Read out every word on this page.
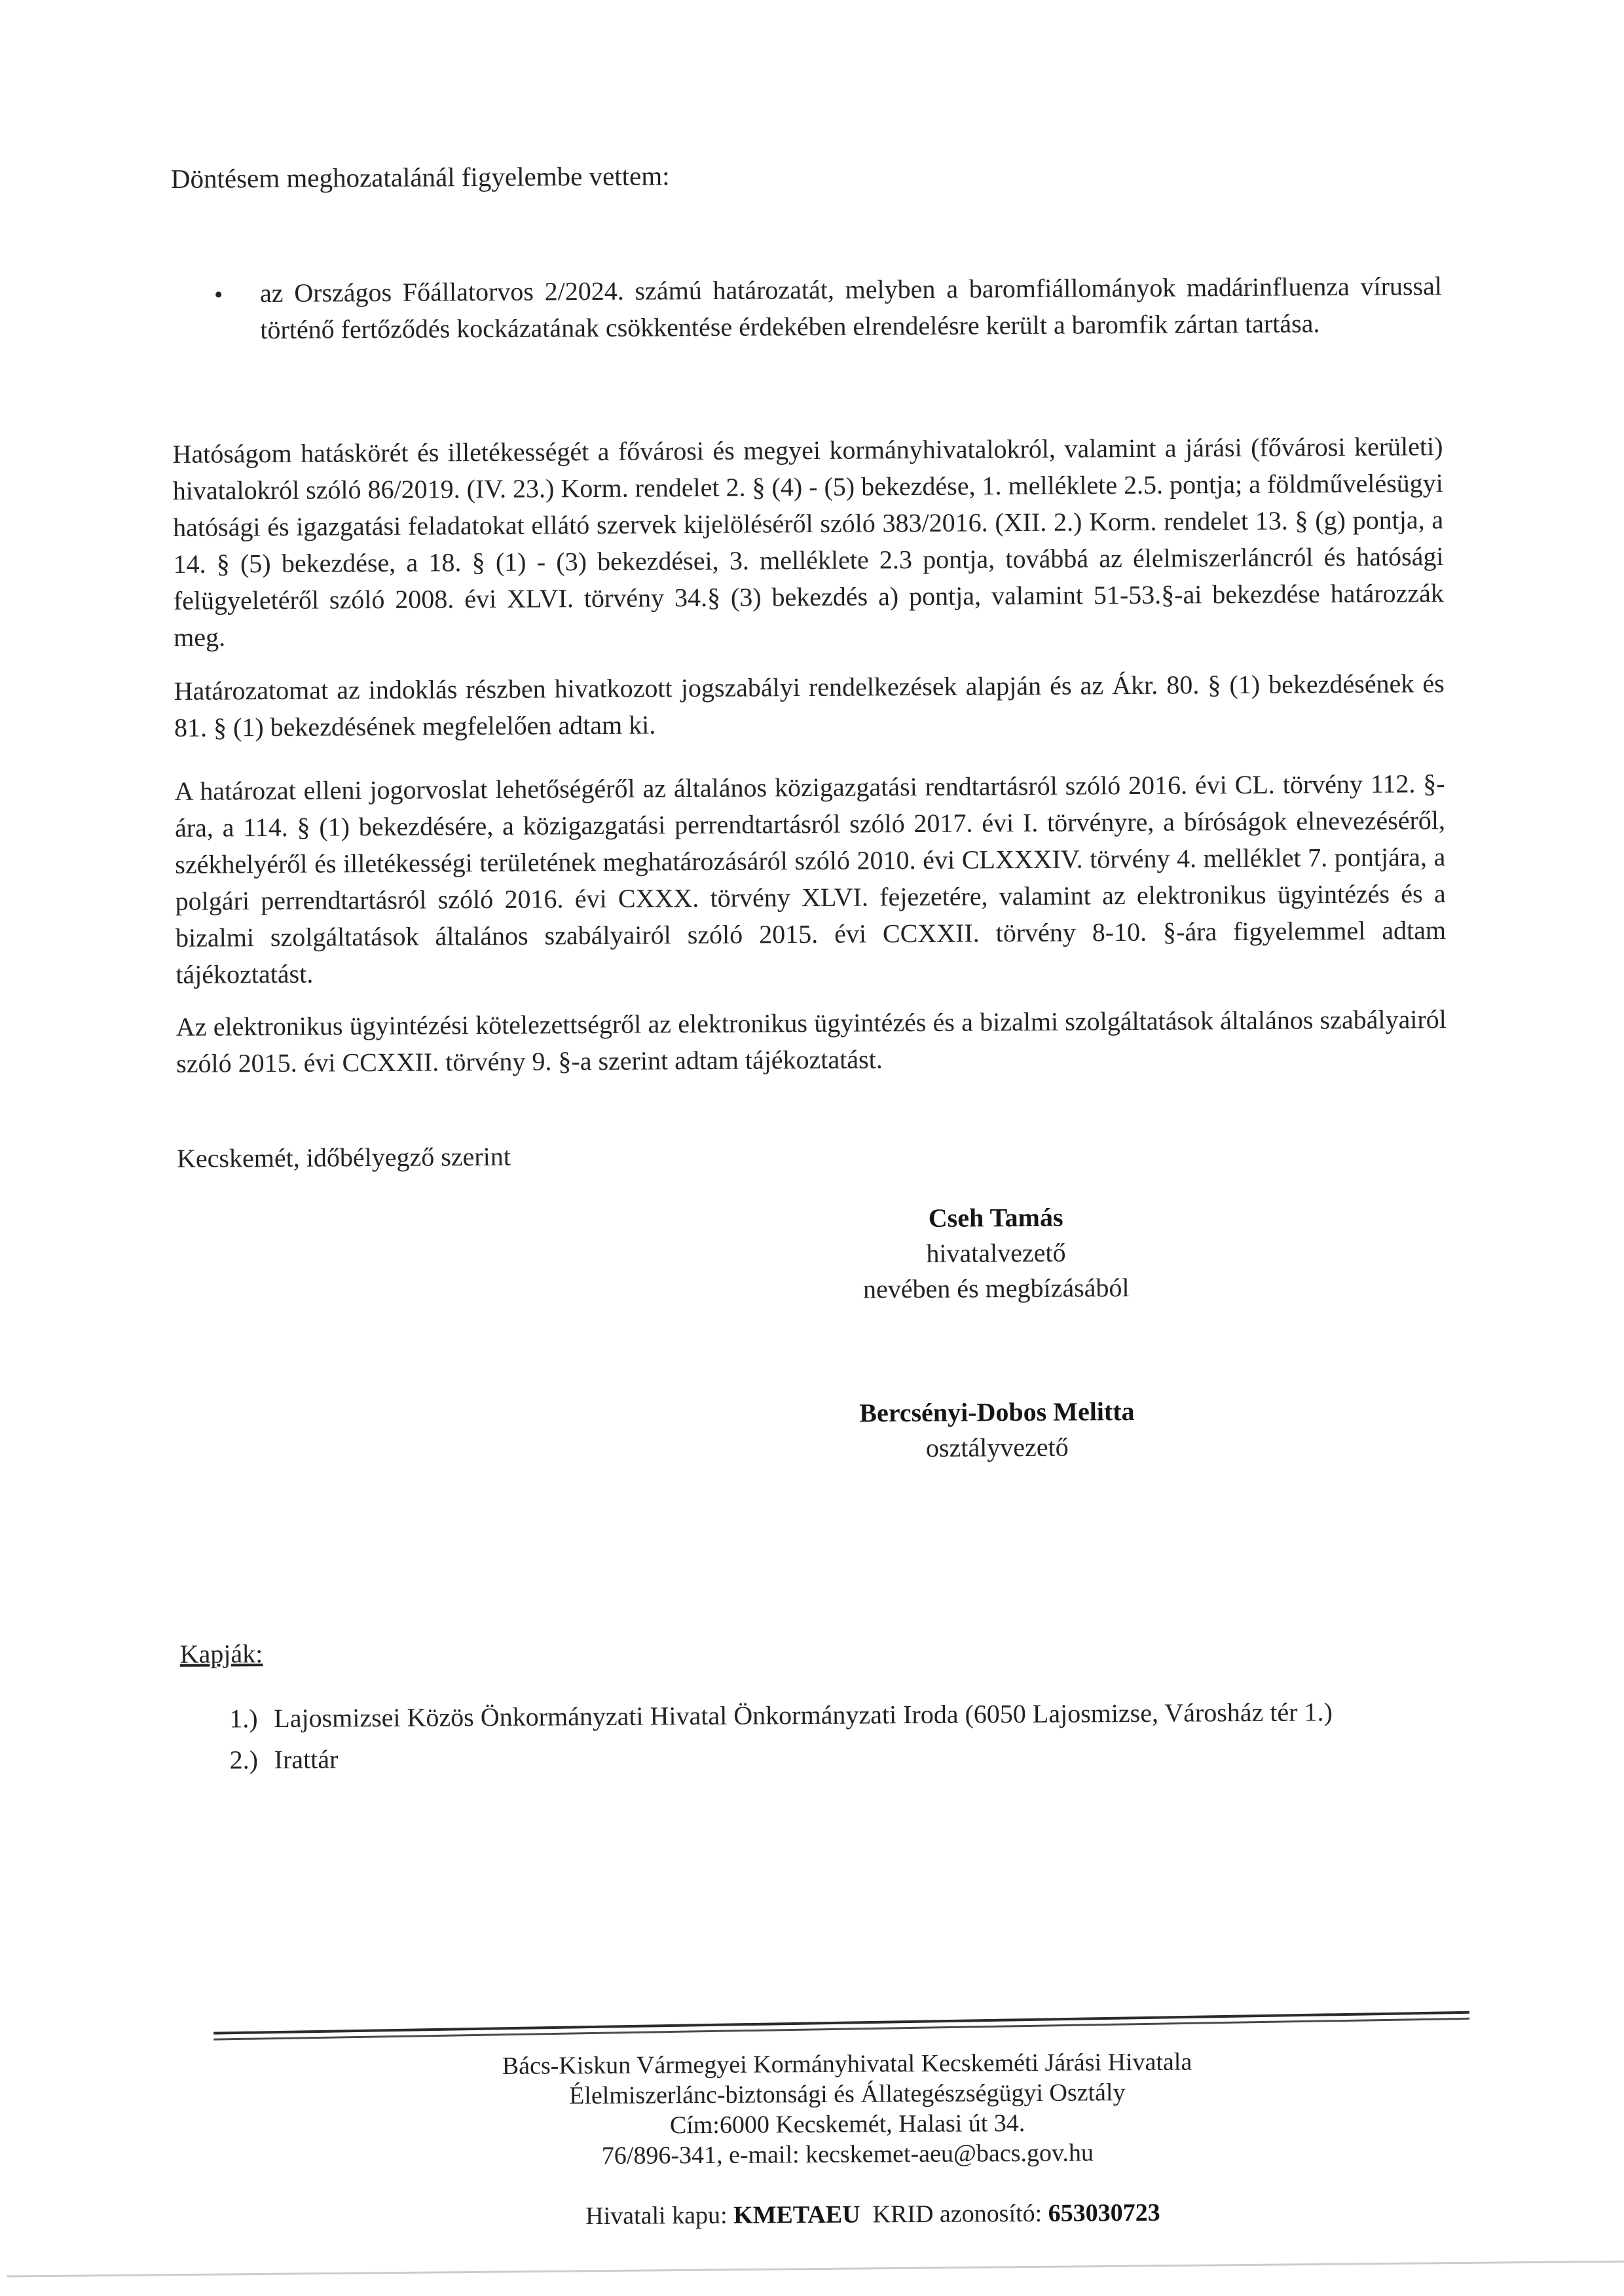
Döntésem meghozatalánál figyelembe vettem:
• az Országos Főállatorvos 2/2024. számú határozatát, melyben a baromfiállományok madárinfluenza vírussal történő fertőződés kockázatának csökkentése érdekében elrendelésre került a baromfik zártan tartása.
Hatóságom hatáskörét és illetékességét a fővárosi és megyei kormányhivatalokról, valamint a járási (fővárosi kerületi) hivatalokról szóló 86/2019. (IV. 23.) Korm. rendelet 2. § (4) - (5) bekezdése, 1. melléklete 2.5. pontja; a földművelésügyi hatósági és igazgatási feladatokat ellátó szervek kijelöléséről szóló 383/2016. (XII. 2.) Korm. rendelet 13. § (g) pontja, a 14. § (5) bekezdése, a 18. § (1) - (3) bekezdései, 3. melléklete 2.3 pontja, továbbá az élelmiszerláncról és hatósági felügyeletéről szóló 2008. évi XLVI. törvény 34.§ (3) bekezdés a) pontja, valamint 51-53.§-ai bekezdése határozzák meg.
Határozatomat az indoklás részben hivatkozott jogszabályi rendelkezések alapján és az Ákr. 80. § (1) bekezdésének és 81. § (1) bekezdésének megfelelően adtam ki.
A határozat elleni jogorvoslat lehetőségéről az általános közigazgatási rendtartásról szóló 2016. évi CL. törvény 112. §-ára, a 114. § (1) bekezdésére, a közigazgatási perrendtartásról szóló 2017. évi I. törvényre, a bíróságok elnevezéséről, székhelyéről és illetékességi területének meghatározásáról szóló 2010. évi CLXXXIV. törvény 4. melléklet 7. pontjára, a polgári perrendtartásról szóló 2016. évi CXXX. törvény XLVI. fejezetére, valamint az elektronikus ügyintézés és a bizalmi szolgáltatások általános szabályairól szóló 2015. évi CCXXII. törvény 8-10. §-ára figyelemmel adtam tájékoztatást.
Az elektronikus ügyintézési kötelezettségről az elektronikus ügyintézés és a bizalmi szolgáltatások általános szabályairól szóló 2015. évi CCXXII. törvény 9. §-a szerint adtam tájékoztatást.
Kecskemét, időbélyegző szerint
Cseh Tamás
hivatalvezető
nevében és megbízásából
Bercsényi-Dobos Melitta
osztályvezető
Kapják:
1.) Lajosmizsei Közös Önkormányzati Hivatal Önkormányzati Iroda (6050 Lajosmizse, Városház tér 1.)
2.) Irattár
Bács-Kiskun Vármegyei Kormányhivatal Kecskeméti Járási Hivatala
Élelmiszerlánc-biztonsági és Állategészségügyi Osztály
Cím:6000 Kecskemét, Halasi út 34.
76/896-341, e-mail: kecskemet-aeu@bacs.gov.hu

Hivatali kapu: KMETAEU  KRID azonosító: 653030723
